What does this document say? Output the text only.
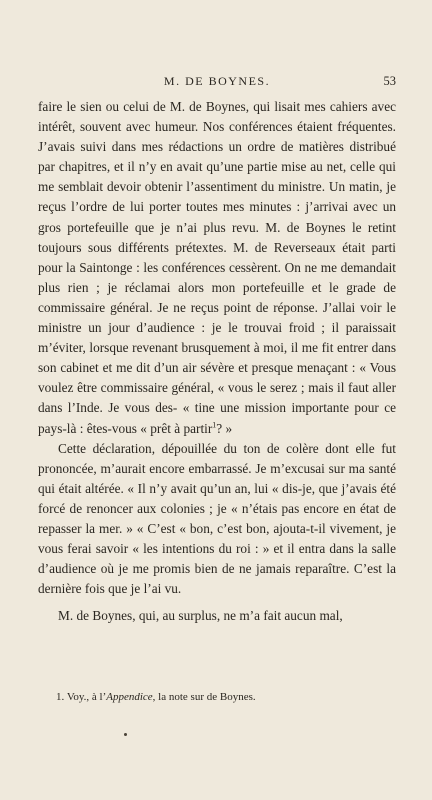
M. DE BOYNES.	53

faire le sien ou celui de M. de Boynes, qui lisait mes cahiers avec intérêt, souvent avec humeur. Nos conférences étaient fréquentes. J’avais suivi dans mes rédactions un ordre de matières distribué par chapitres, et il n’y en avait qu’une partie mise au net, celle qui me semblait devoir obtenir l’assentiment du ministre. Un matin, je reçus l’ordre de lui porter toutes mes minutes : j’arrivai avec un gros portefeuille que je n’ai plus revu. M. de Boynes le retint toujours sous différents prétextes. M. de Reverseaux était parti pour la Saintonge : les conférences cessèrent. On ne me demandait plus rien ; je réclamai alors mon portefeuille et le grade de commissaire général. Je ne reçus point de réponse. J’allai voir le ministre un jour d’audience : je le trouvai froid ; il paraissait m’éviter, lorsque revenant brusquement à moi, il me fit entrer dans son cabinet et me dit d’un air sévère et presque menaçant : « Vous voulez être commissaire général, « vous le serez ; mais il faut aller dans l’Inde. Je vous des- « tine une mission importante pour ce pays-là : êtes-vous « prêt à partir$^1$? »

Cette déclaration, dépouillée du ton de colère dont elle fut prononcée, m’aurait encore embarrassé. Je m’excusai sur ma santé qui était altérée. « Il n’y avait qu’un an, lui « dis-je, que j’avais été forcé de renoncer aux colonies ; je « n’étais pas encore en état de repasser la mer. » « C’est « bon, c’est bon, ajouta-t-il vivement, je vous ferai savoir « les intentions du roi : » et il entra dans la salle d’audience où je me promis bien de ne jamais reparaître. C’est la dernière fois que je l’ai vu.

M. de Boynes, qui, au surplus, ne m’a fait aucun mal,

1. Voy., à l’Appendice, la note sur de Boynes.
